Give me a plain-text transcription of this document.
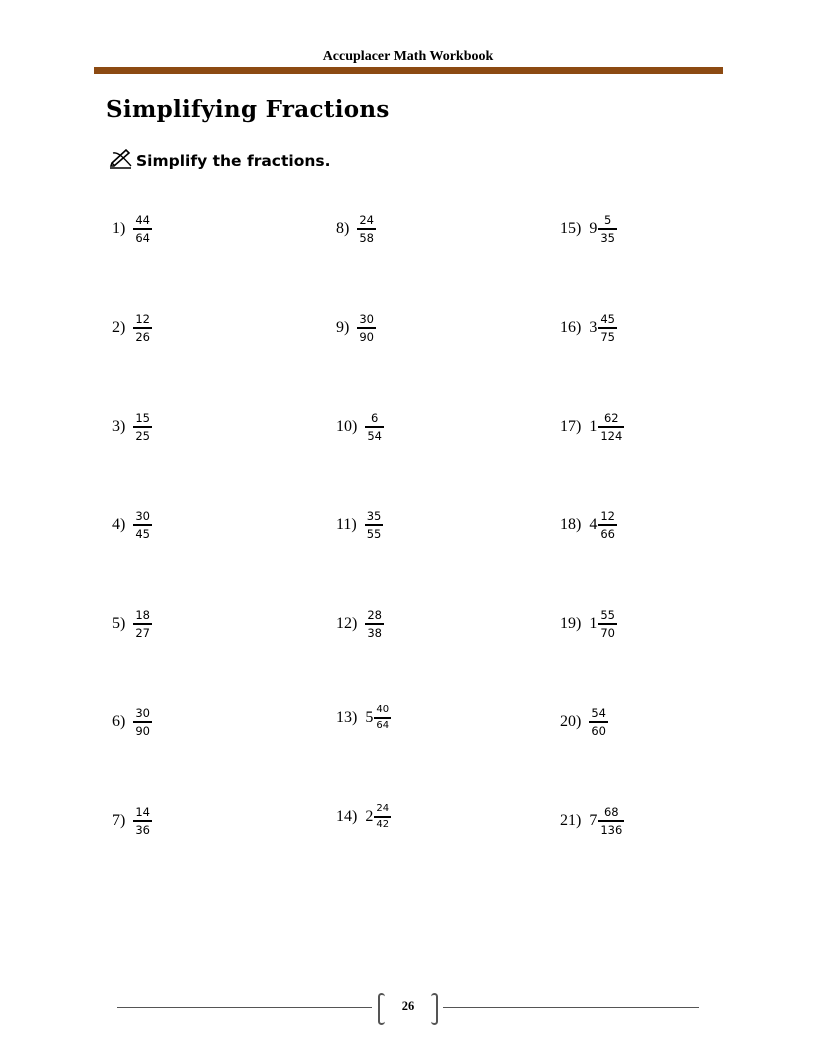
Accuplacer Math Workbook
Simplifying Fractions
Simplify the fractions.
$1) \frac{44}{64}$
$2) \frac{12}{26}$
$3) \frac{15}{25}$
$4) \frac{30}{45}$
$5) \frac{18}{27}$
$6) \frac{30}{90}$
$7) \frac{14}{36}$
$8) \frac{24}{58}$
$9) \frac{30}{90}$
$10) \frac{6}{54}$
$11) \frac{35}{55}$
$12) \frac{28}{38}$
13) $5 \frac{40}{64}$
14) $2 \frac{24}{42}$
15) $9 \frac{5}{35}$
16) $3 \frac{45}{75}$
17) $1 \frac{62}{124}$
18) $4 \frac{12}{66}$
19) $1 \frac{55}{70}$
$20) \frac{54}{60}$
21) $7 \frac{68}{136}$
26
